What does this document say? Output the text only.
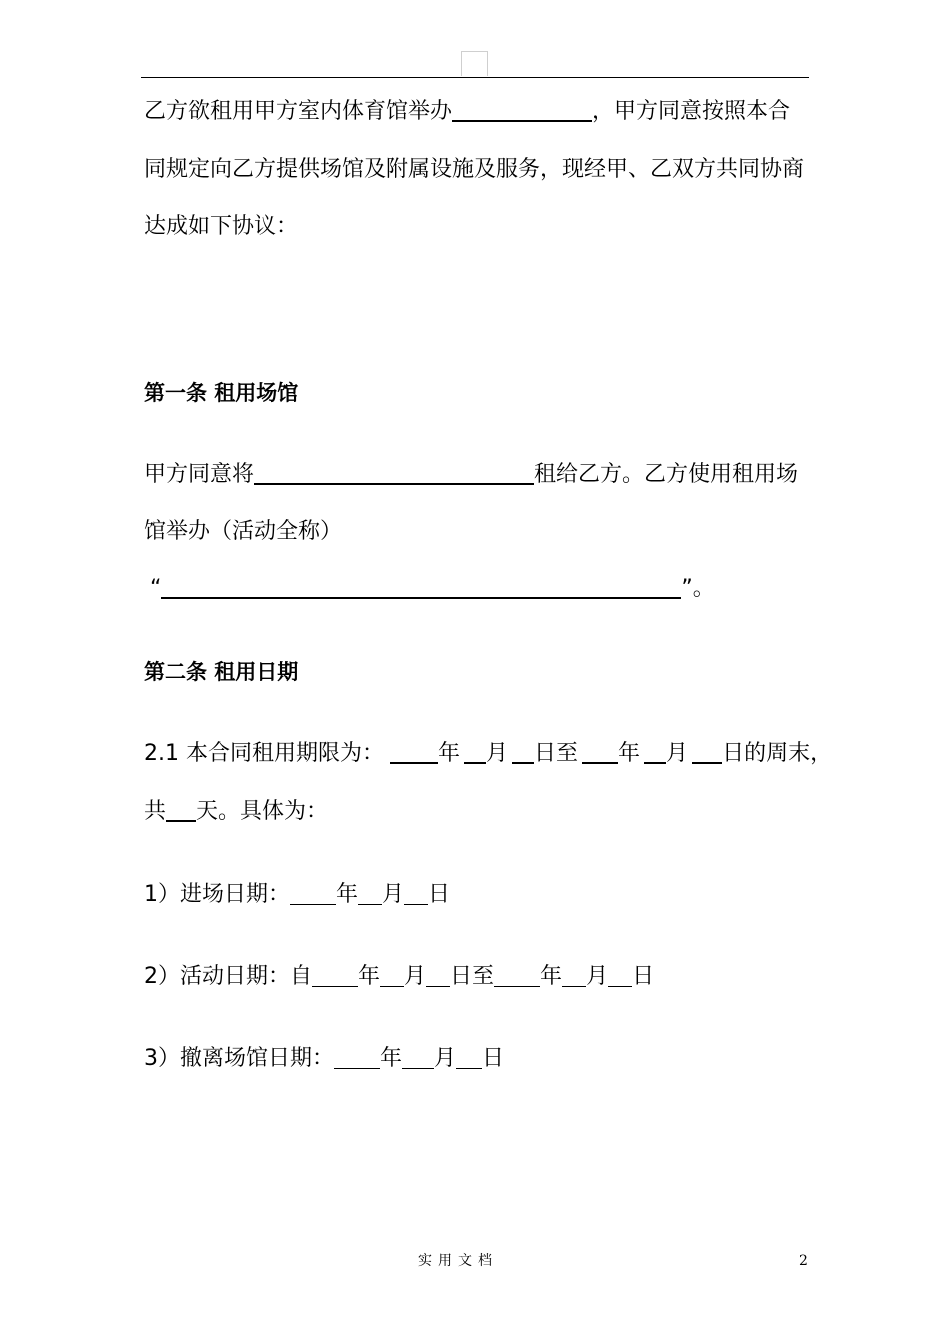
乙方欲租用甲方室内体育馆举办	，甲方同意按照本合
同规定向乙方提供场馆及附属设施及服务，现经甲、乙双方共同协商
达成如下协议：
第一条 租用场馆
甲方同意将	租给乙方。乙方使用租用场
馆举办（活动全称）
“	”。
第二条 租用日期
2.1 本合同租用期限为： 年 月 日至 年 月 日的周末，
共 天。具体为：
1）进场日期： 年 月 日
2）活动日期：自 年 月 日至 年 月 日
3）撤离场馆日期： 年 月 日
实用文档	2
